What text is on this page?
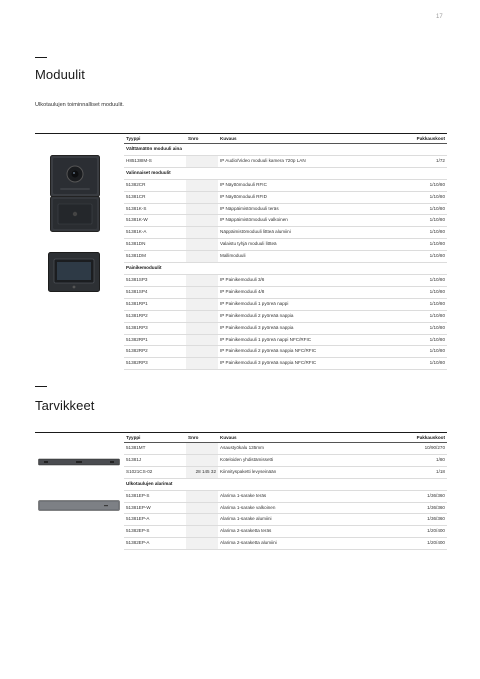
17
Moduulit
Ulkotaulujen toiminnalliset moduulit.
Tyyppi	Snro	Kuvaus	Pakkauskoot
Välttämätön moduuli aina			
H85138IM-S		IP Audio/Video moduuli kamera 720p LAN	1/72
Valinnaiset moduulit			
51382CR		IP Näyttömoduuli RFIC	1/10/80
51381CR		IP Näyttömoduuli RFID	1/10/80
51381K-S		IP Näppäimistömoduuli teräs	1/10/80
51381K-W		IP Näppäimistömoduuli valkoinen	1/10/80
51381K-A		Näppäimistömoduuli littteä alumiini	1/10/80
51381DN		Valaistu tyhjä moduuli littteä	1/10/80
51381DM		Mallimoduuli	1/10/80
Painikemoduulit			
51381SP3		IP Painikemoduuli 3/6	1/10/80
51381SP4		IP Painikemoduuli 4/8	1/10/80
51381RP1		IP Painikemoduuli 1 pyöreä nappi	1/10/80
51381RP2		IP Painikemoduuli 2 pyöreää nappia	1/10/80
51381RP3		IP Painikemoduuli 3 pyöreää nappia	1/10/80
51382RP1		IP Painikemoduuli 1 pyöreä nappi NFC/RFIC	1/10/80
51382RP2		IP Painikemoduuli 2 pyöreää nappia NFC/RFIC	1/10/80
51382RP3		IP Painikemoduuli 3 pyöreää nappia NFC/RFIC	1/10/80
Tarvikkeet
Tyyppi	Snro	Kuvaus	Pakkauskoot
51381MT		Asaustyökalu 135mm	10/90/270
51381J		Koteloiden yhdistämissetti	1/80
S1021CS-02	28 145 32	Kiinnityspaketti levyseinään	1/18
Ulkotaulujen alarimat			
51381EP-S		Alarima 1-sarake teräs	1/36/360
51381EP-W		Alarima 1-sarake valkoinen	1/36/360
51381EP-A		Alarima 1-sarake alumiini	1/36/360
51382EP-S		Alarima 2-saraketta teräs	1/20/400
51382EP-A		Alarima 2-saraketta alumiini	1/20/400
